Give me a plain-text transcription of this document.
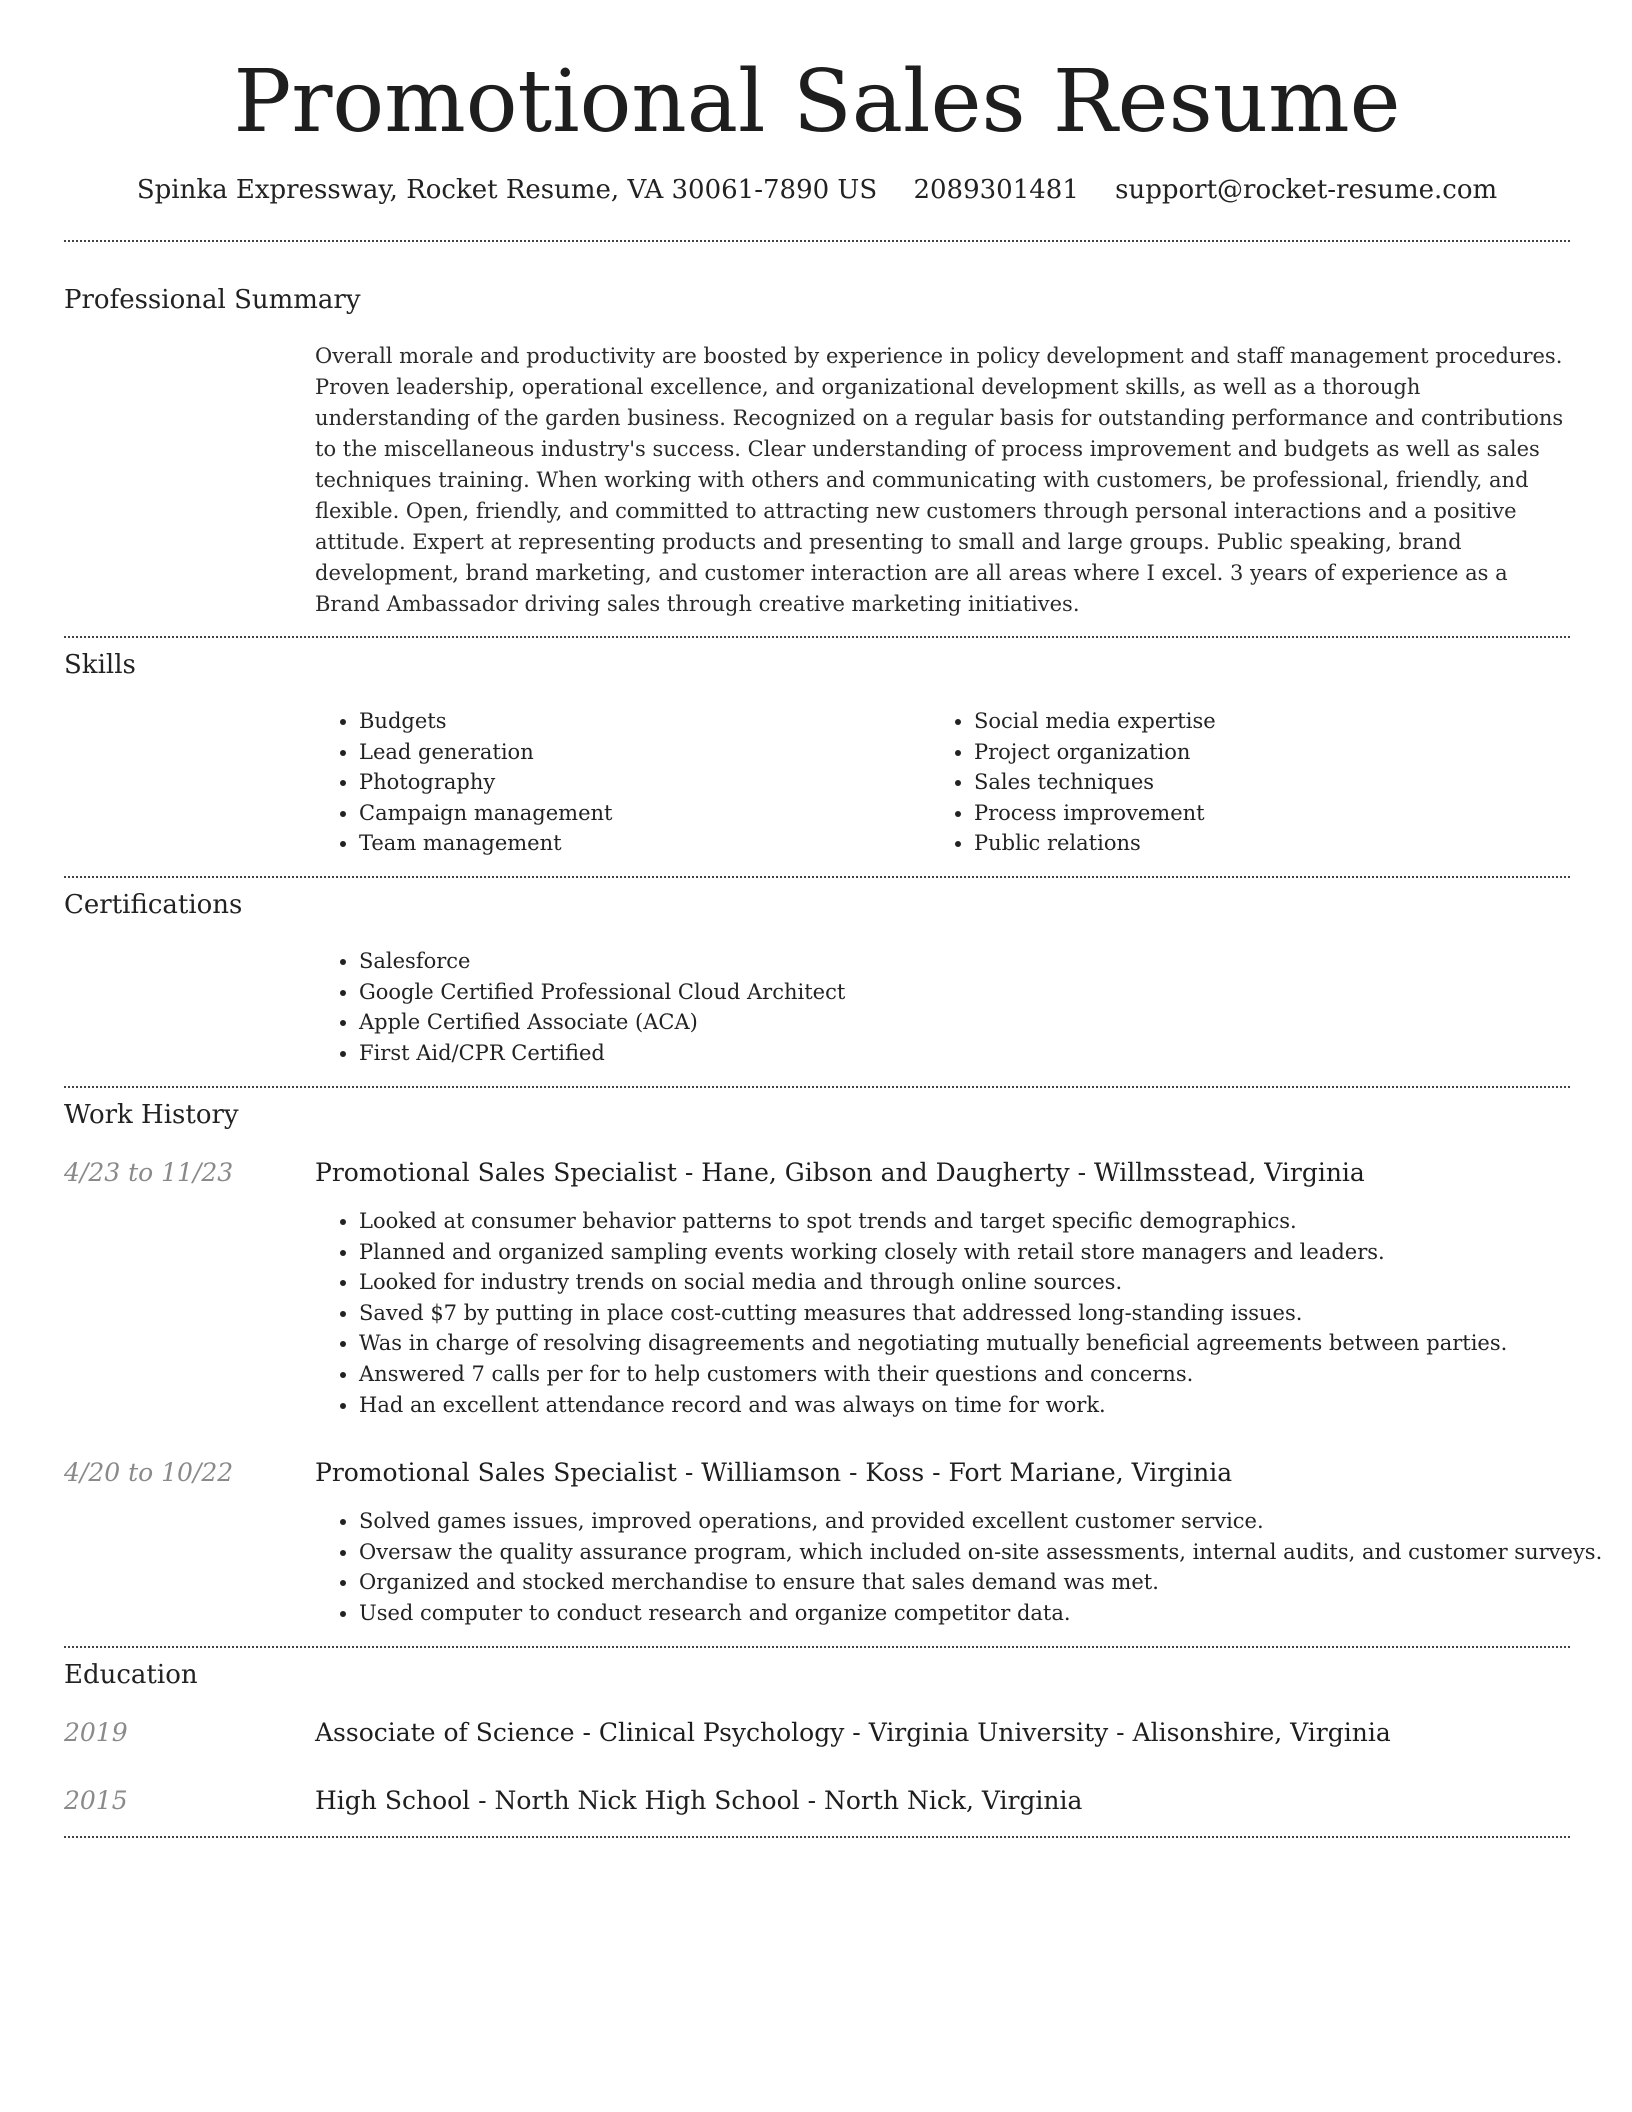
Promotional Sales Resume
Spinka Expressway, Rocket Resume, VA 30061-7890 US 2089301481 support@rocket-resume.com
Professional Summary

Overall morale and productivity are boosted by experience in policy development and staff management procedures. Proven leadership, operational excellence, and organizational development skills, as well as a thorough understanding of the garden business. Recognized on a regular basis for outstanding performance and contributions to the miscellaneous industry's success. Clear understanding of process improvement and budgets as well as sales techniques training. When working with others and communicating with customers, be professional, friendly, and flexible. Open, friendly, and committed to attracting new customers through personal interactions and a positive attitude. Expert at representing products and presenting to small and large groups. Public speaking, brand development, brand marketing, and customer interaction are all areas where I excel. 3 years of experience as a Brand Ambassador driving sales through creative marketing initiatives.

Skills
• Budgets
• Lead generation
• Photography
• Campaign management
• Team management
• Social media expertise
• Project organization
• Sales techniques
• Process improvement
• Public relations
Certifications
• Salesforce
• Google Certified Professional Cloud Architect
• Apple Certified Associate (ACA)
• First Aid/CPR Certified
Work History
4/23 to 11/23	Promotional Sales Specialist - Hane, Gibson and Daugherty - Willmsstead, Virginia
• Looked at consumer behavior patterns to spot trends and target specific demographics.
• Planned and organized sampling events working closely with retail store managers and leaders.
• Looked for industry trends on social media and through online sources.
• Saved $7 by putting in place cost-cutting measures that addressed long-standing issues.
• Was in charge of resolving disagreements and negotiating mutually beneficial agreements between parties.
• Answered 7 calls per for to help customers with their questions and concerns.
• Had an excellent attendance record and was always on time for work.
4/20 to 10/22	Promotional Sales Specialist - Williamson - Koss - Fort Mariane, Virginia
• Solved games issues, improved operations, and provided excellent customer service.
• Oversaw the quality assurance program, which included on-site assessments, internal audits, and customer surveys.
• Organized and stocked merchandise to ensure that sales demand was met.
• Used computer to conduct research and organize competitor data.
Education
2019	Associate of Science - Clinical Psychology - Virginia University - Alisonshire, Virginia
2015	High School - North Nick High School - North Nick, Virginia
